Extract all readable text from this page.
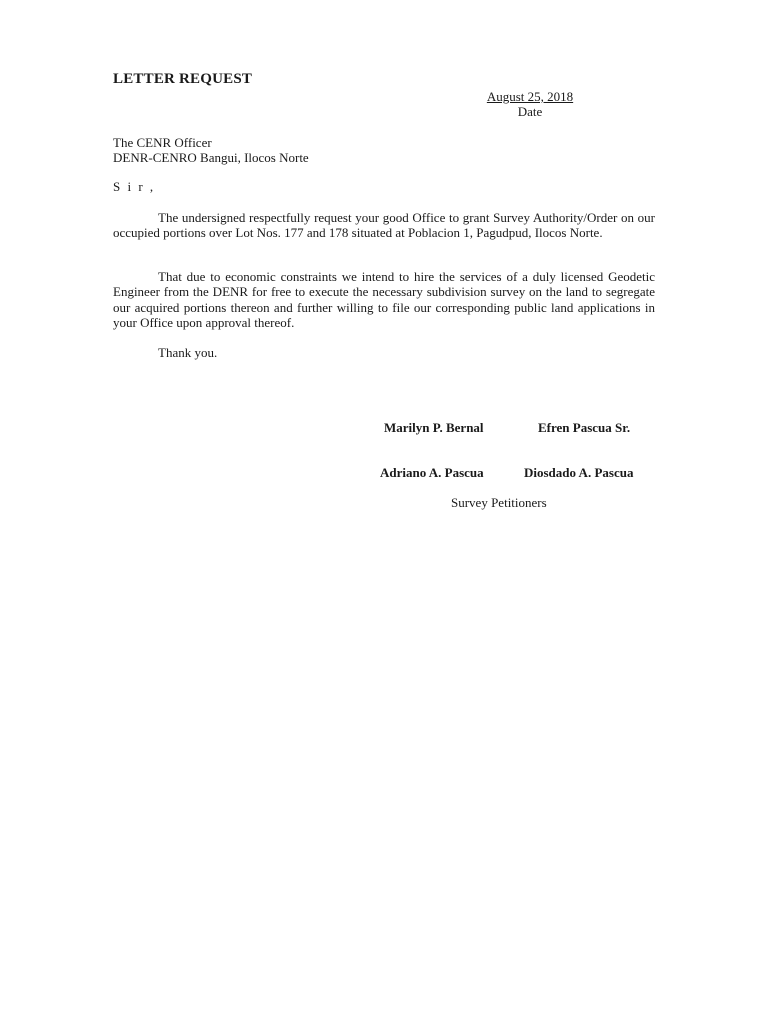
LETTER REQUEST
August 25, 2018
Date
The CENR Officer
DENR-CENRO Bangui, Ilocos Norte
S i r ,
The undersigned respectfully request your good Office to grant Survey Authority/Order on our occupied portions over Lot Nos. 177 and 178 situated at Poblacion 1, Pagudpud, Ilocos Norte.
That due to economic constraints we intend to hire the services of a duly licensed Geodetic Engineer from the DENR for free to execute the necessary subdivision survey on the land to segregate our acquired portions thereon and further willing to file our corresponding public land applications in your Office upon approval thereof.
Thank you.
Marilyn P. Bernal	Efren Pascua Sr.
Adriano A. Pascua	Diosdado A. Pascua
Survey Petitioners
